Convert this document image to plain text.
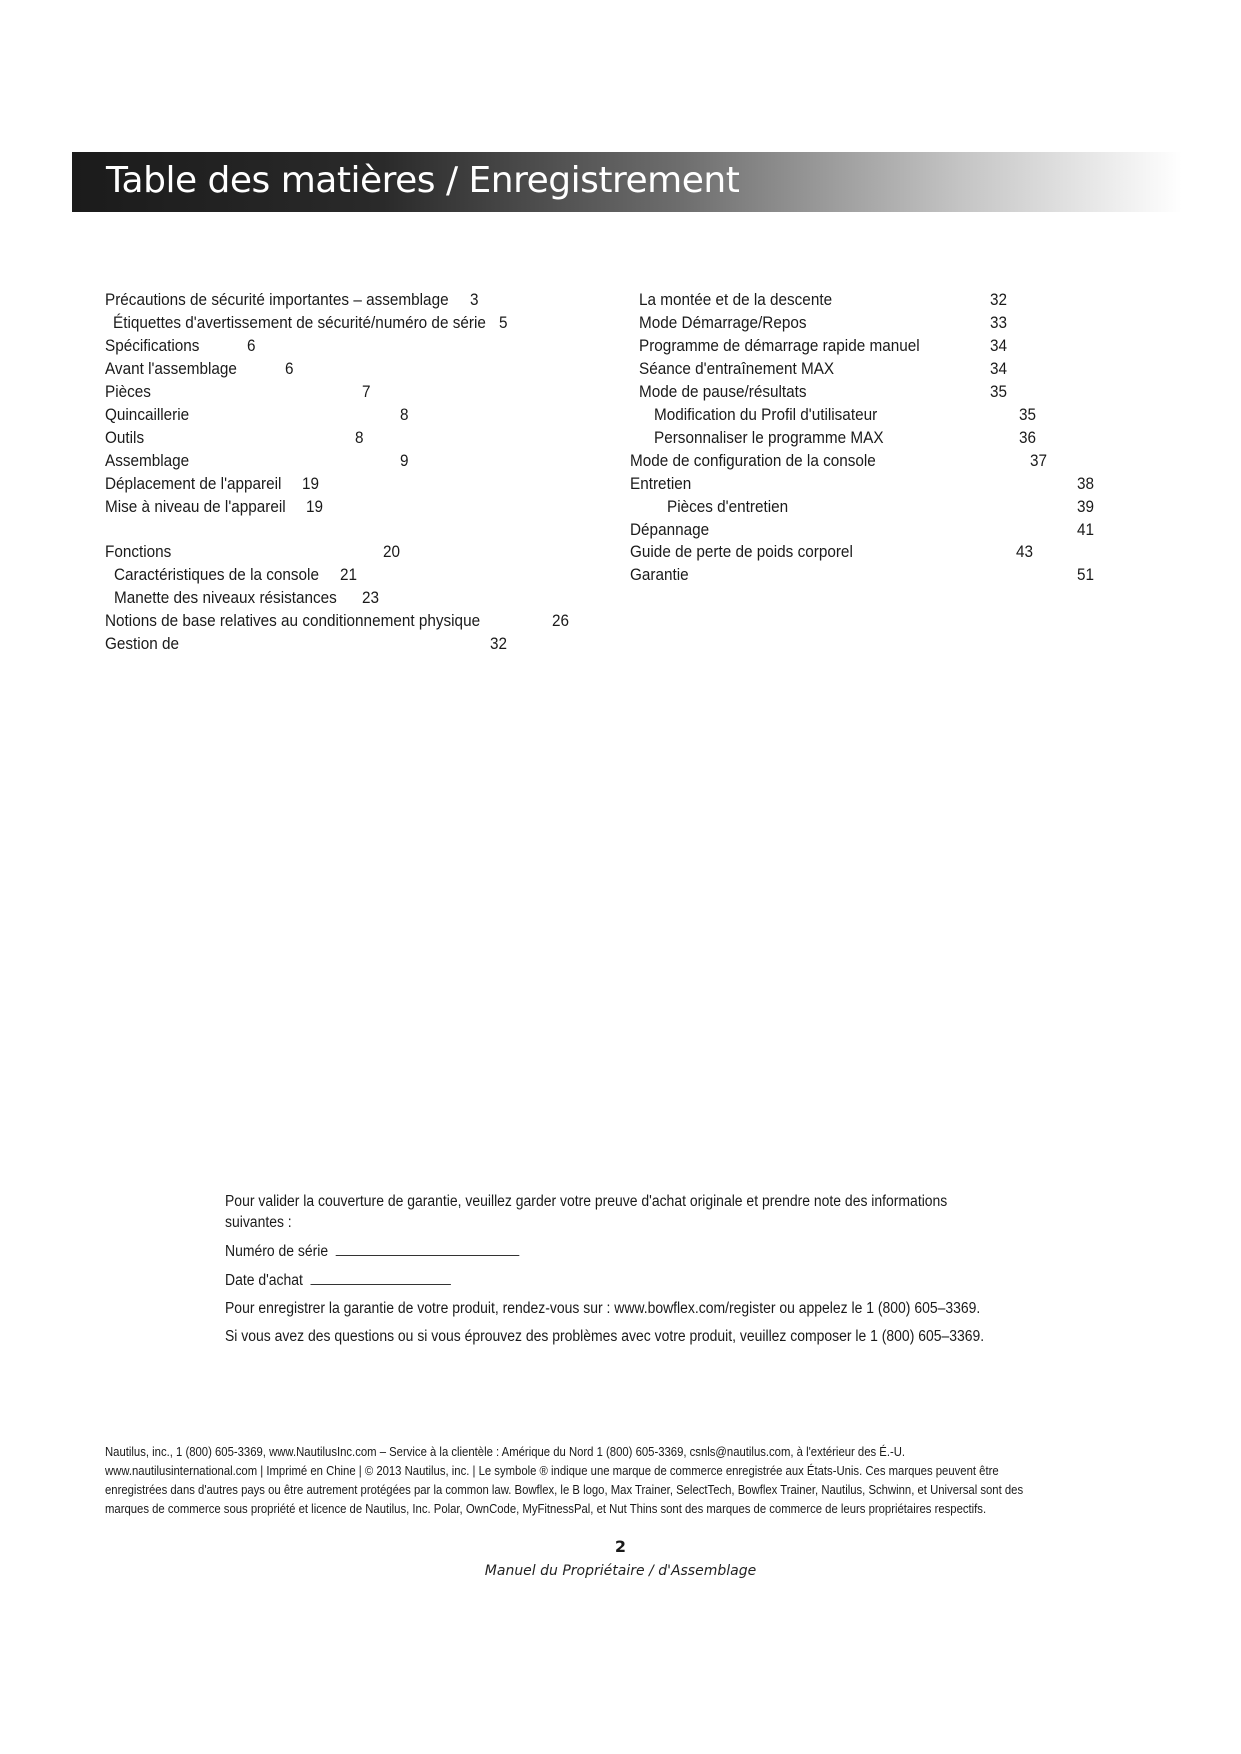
Table des matières / Enregistrement
Précautions de sécurité importantes – assemblage 3
Étiquettes d'avertissement de sécurité/numéro de série 5
Spécifications	6
Avant l'assemblage	6
Pièces	7
Quincaillerie	8
Outils	8
Assemblage	9
Déplacement de l'appareil 19
Mise à niveau de l'appareil 19
Fonctions	20
Caractéristiques de la console 21
Manette des niveaux résistances 23
Notions de base relatives au conditionnement physique	26
Gestion de	32
La montée et de la descente	32
Mode Démarrage/Repos	33
Programme de démarrage rapide manuel	34
Séance d'entraînement MAX	34
Mode de pause/résultats	35
Modification du Profil d'utilisateur	35
Personnaliser le programme MAX	36
Mode de configuration de la console	37
Entretien	38
Pièces d'entretien	39
Dépannage	41
Guide de perte de poids corporel	43
Garantie	51
Pour valider la couverture de garantie, veuillez garder votre preuve d'achat originale et prendre note des informations
suivantes :
Numéro de série
Date d'achat
Pour enregistrer la garantie de votre produit, rendez-vous sur : www.bowflex.com/register ou appelez le 1 (800) 605–3369.
Si vous avez des questions ou si vous éprouvez des problèmes avec votre produit, veuillez composer le 1 (800) 605–3369.
Nautilus, inc., 1 (800) 605-3369, www.NautilusInc.com – Service à la clientèle : Amérique du Nord 1 (800) 605-3369, csnls@nautilus.com, à l'extérieur des É.-U.
www.nautilusinternational.com | Imprimé en Chine | © 2013 Nautilus, inc. | Le symbole ® indique une marque de commerce enregistrée aux États-Unis. Ces marques peuvent être
enregistrées dans d'autres pays ou être autrement protégées par la common law. Bowflex, le B logo, Max Trainer, SelectTech, Bowflex Trainer, Nautilus, Schwinn, et Universal sont des
marques de commerce sous propriété et licence de Nautilus, Inc. Polar, OwnCode, MyFitnessPal, et Nut Thins sont des marques de commerce de leurs propriétaires respectifs.
2
Manuel du Propriétaire / d'Assemblage
